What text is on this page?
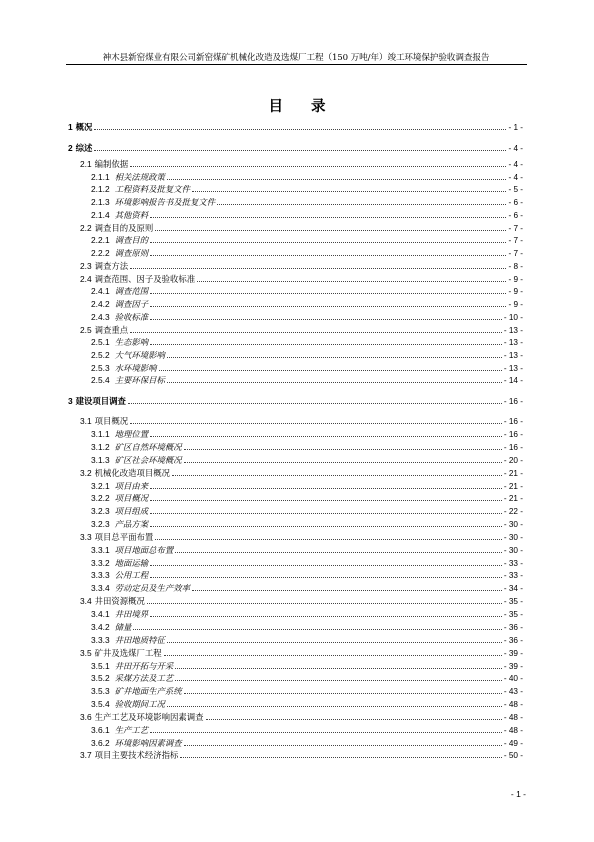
神木县新窑煤业有限公司新窑煤矿机械化改造及选煤厂工程（150 万吨/年）竣工环境保护验收调查报告
目 录
1 概况	- 1 -
2 综述	- 4 -
2.1 编制依据	- 4 -
2.1.1 相关法规政策	- 4 -
2.1.2 工程资料及批复文件	- 5 -
2.1.3 环境影响报告书及批复文件	- 6 -
2.1.4 其他资料	- 6 -
2.2 调查目的及原则	- 7 -
2.2.1 调查目的	- 7 -
2.2.2 调查原则	- 7 -
2.3 调查方法	- 8 -
2.4 调查范围、因子及验收标准	- 9 -
2.4.1 调查范围	- 9 -
2.4.2 调查因子	- 9 -
2.4.3 验收标准	- 10 -
2.5 调查重点	- 13 -
2.5.1 生态影响	- 13 -
2.5.2 大气环境影响	- 13 -
2.5.3 水环境影响	- 13 -
2.5.4 主要环保目标	- 14 -
3 建设项目调查	- 16 -
3.1 项目概况	- 16 -
3.1.1 地理位置	- 16 -
3.1.2 矿区自然环境概况	- 16 -
3.1.3 矿区社会环境概况	- 20 -
3.2 机械化改造项目概况	- 21 -
3.2.1 项目由来	- 21 -
3.2.2 项目概况	- 21 -
3.2.3 项目组成	- 22 -
3.2.3 产品方案	- 30 -
3.3 项目总平面布置	- 30 -
3.3.1 项目地面总布置	- 30 -
3.3.2 地面运输	- 33 -
3.3.3 公用工程	- 33 -
3.3.4 劳动定员及生产效率	- 34 -
3.4 井田资源概况	- 35 -
3.4.1 井田境界	- 35 -
3.4.2 储量	- 36 -
3.3.3 井田地质特征	- 36 -
3.5 矿井及选煤厂工程	- 39 -
3.5.1 井田开拓与开采	- 39 -
3.5.2 采煤方法及工艺	- 40 -
3.5.3 矿井地面生产系统	- 43 -
3.5.4 验收期间工况	- 48 -
3.6 生产工艺及环境影响因素调查	- 48 -
3.6.1 生产工艺	- 48 -
3.6.2 环境影响因素调查	- 49 -
3.7 项目主要技术经济指标	- 50 -
- 1 -
